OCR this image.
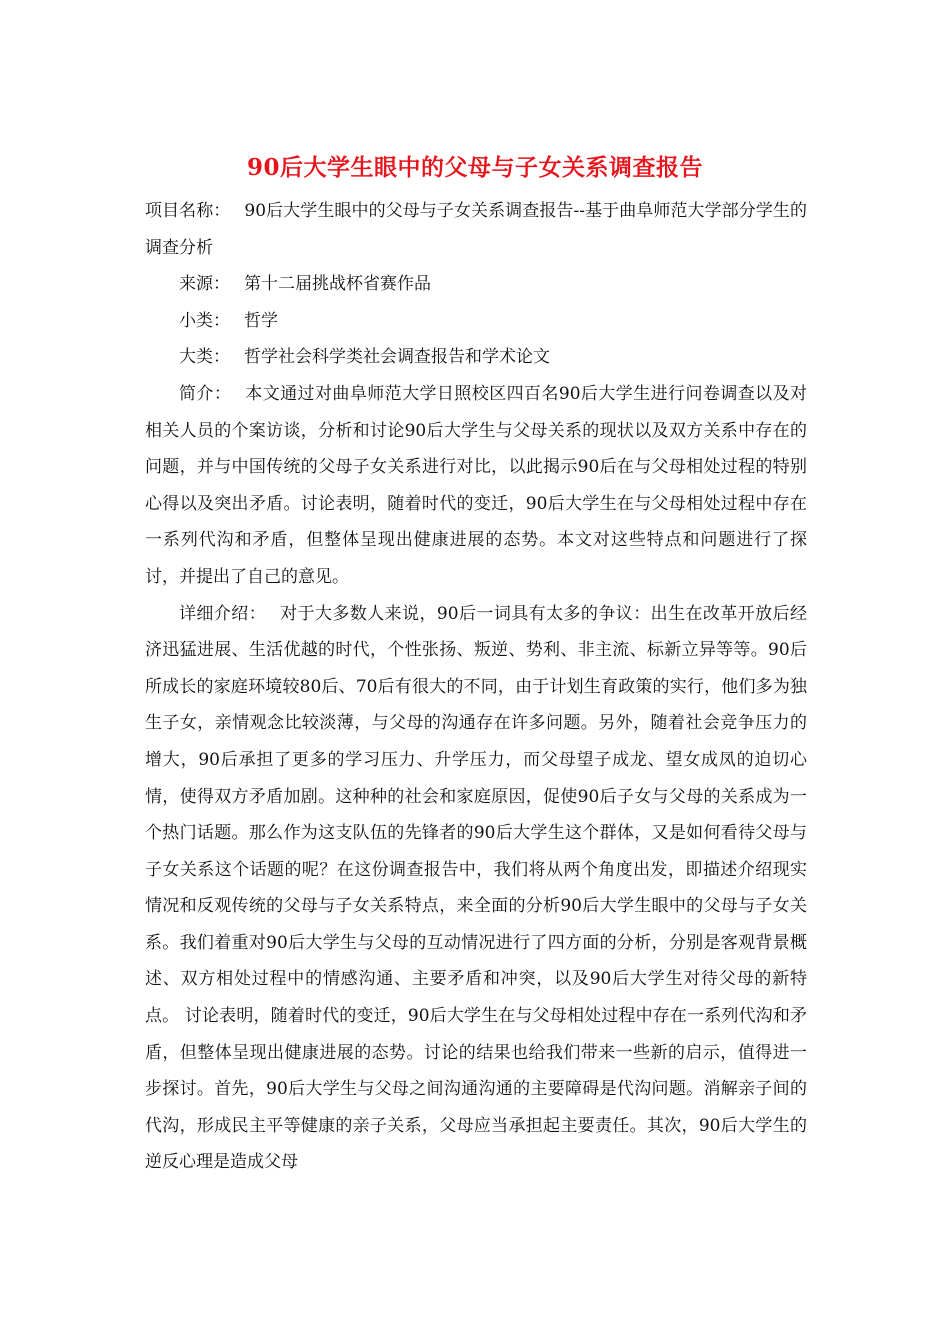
90后大学生眼中的父母与子女关系调查报告

项目名称： 90后大学生眼中的父母与子女关系调查报告--基于曲阜师范大学部分学生的调查分析

来源： 第十二届挑战杯省赛作品

小类： 哲学

大类： 哲学社会科学类社会调查报告和学术论文

简介： 本文通过对曲阜师范大学日照校区四百名90后大学生进行问卷调查以及对相关人员的个案访谈，分析和讨论90后大学生与父母关系的现状以及双方关系中存在的问题，并与中国传统的父母子女关系进行对比，以此揭示90后在与父母相处过程的特别心得以及突出矛盾。讨论表明，随着时代的变迁，90后大学生在与父母相处过程中存在一系列代沟和矛盾，但整体呈现出健康进展的态势。本文对这些特点和问题进行了探讨，并提出了自己的意见。

详细介绍： 对于大多数人来说，90后一词具有太多的争议：出生在改革开放后经济迅猛进展、生活优越的时代，个性张扬、叛逆、势利、非主流、标新立异等等。90后所成长的家庭环境较80后、70后有很大的不同，由于计划生育政策的实行，他们多为独生子女，亲情观念比较淡薄，与父母的沟通存在许多问题。另外，随着社会竞争压力的增大，90后承担了更多的学习压力、升学压力，而父母望子成龙、望女成凤的迫切心情，使得双方矛盾加剧。这种种的社会和家庭原因，促使90后子女与父母的关系成为一个热门话题。那么作为这支队伍的先锋者的90后大学生这个群体，又是如何看待父母与子女关系这个话题的呢？在这份调查报告中，我们将从两个角度出发，即描述介绍现实情况和反观传统的父母与子女关系特点，来全面的分析90后大学生眼中的父母与子女关系。我们着重对90后大学生与父母的互动情况进行了四方面的分析，分别是客观背景概述、双方相处过程中的情感沟通、主要矛盾和冲突，以及90后大学生对待父母的新特点。 讨论表明，随着时代的变迁，90后大学生在与父母相处过程中存在一系列代沟和矛盾，但整体呈现出健康进展的态势。讨论的结果也给我们带来一些新的启示，值得进一步探讨。首先，90后大学生与父母之间沟通沟通的主要障碍是代沟问题。消解亲子间的代沟，形成民主平等健康的亲子关系，父母应当承担起主要责任。其次，90后大学生的逆反心理是造成父母
